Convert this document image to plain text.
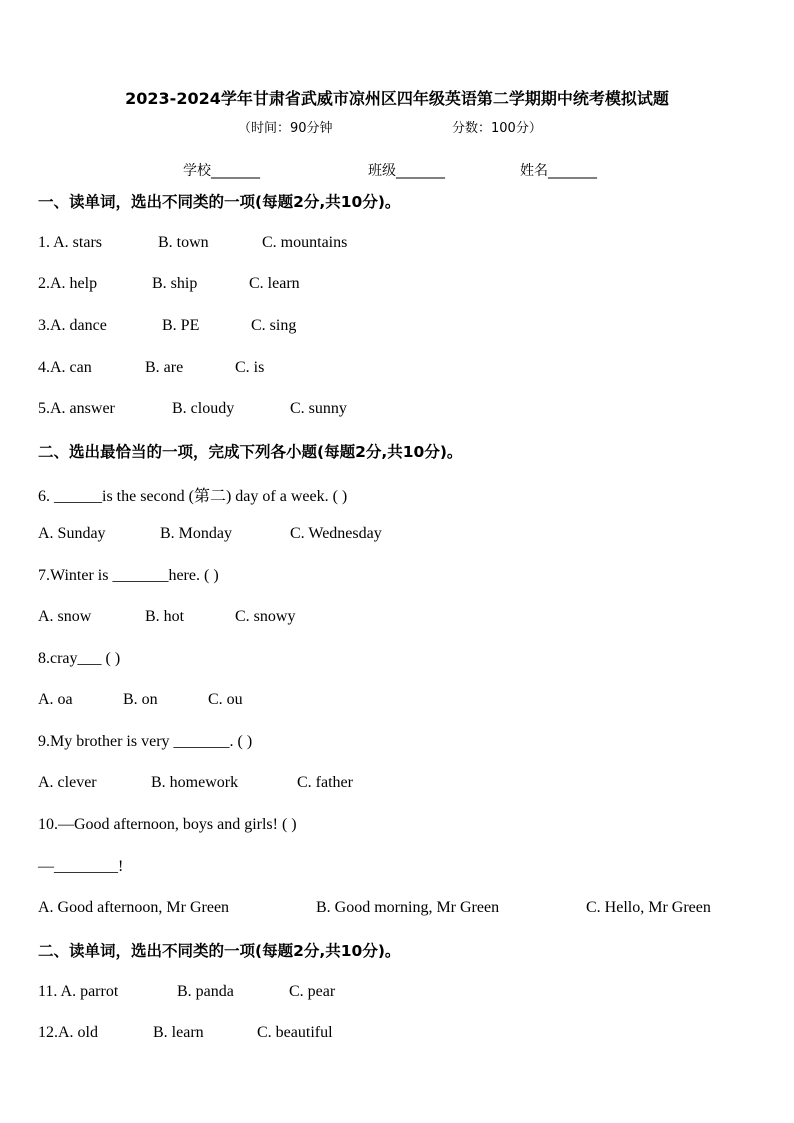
2023-2024学年甘肃省武威市凉州区四年级英语第二学期期中统考模拟试题
（时间：90分钟	分数：100分）
学校_______	班级_______	姓名_______
一、读单词，选出不同类的一项(每题2分,共10分)。
1. A. stars	B. town	C. mountains
2.A. help	B. ship	C. learn
3.A. dance	B. PE	C. sing
4.A. can	B. are	C. is
5.A. answer	B. cloudy	C. sunny
二、选出最恰当的一项，完成下列各小题(每题2分,共10分)。
6. ______is the second (第二) day of a week. ( )
A. Sunday	B. Monday	C. Wednesday
7.Winter is _______here. ( )
A. snow	B. hot	C. snowy
8.cray___ ( )
A. oa	B. on	C. ou
9.My brother is very _______. ( )
A. clever	B. homework	C. father
10.—Good afternoon, boys and girls! ( )
—________!
A. Good afternoon, Mr Green	B. Good morning, Mr Green	C. Hello, Mr Green
二、读单词，选出不同类的一项(每题2分,共10分)。
11. A. parrot	B. panda	C. pear
12.A. old	B. learn	C. beautiful
